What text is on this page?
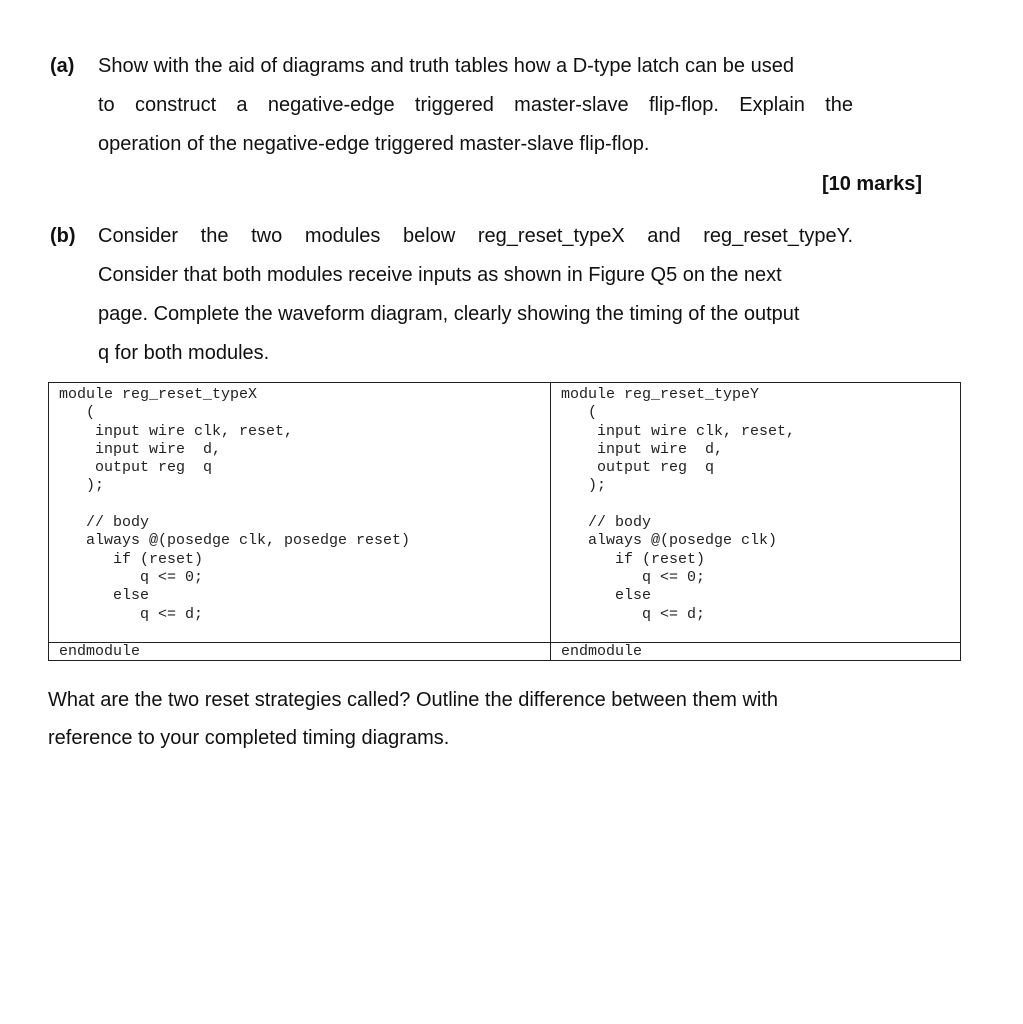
(a) Show with the aid of diagrams and truth tables how a D-type latch can be used
to construct a negative-edge triggered master-slave flip-flop. Explain the
operation of the negative-edge triggered master-slave flip-flop.
[10 marks]
(b) Consider the two modules below reg_reset_typeX and reg_reset_typeY.
Consider that both modules receive inputs as shown in Figure Q5 on the next
page. Complete the waveform diagram, clearly showing the timing of the output
q for both modules.
module reg_reset_typeX
(
input wire clk, reset,
input wire  d,
output reg  q
);

// body
always @(posedge clk, posedge reset)
if (reset)
q <= 0;
else
q <= d;
endmodule
module reg_reset_typeY
(
input wire clk, reset,
input wire  d,
output reg  q
);

// body
always @(posedge clk)
if (reset)
q <= 0;
else
q <= d;
endmodule
What are the two reset strategies called? Outline the difference between them with
reference to your completed timing diagrams.
